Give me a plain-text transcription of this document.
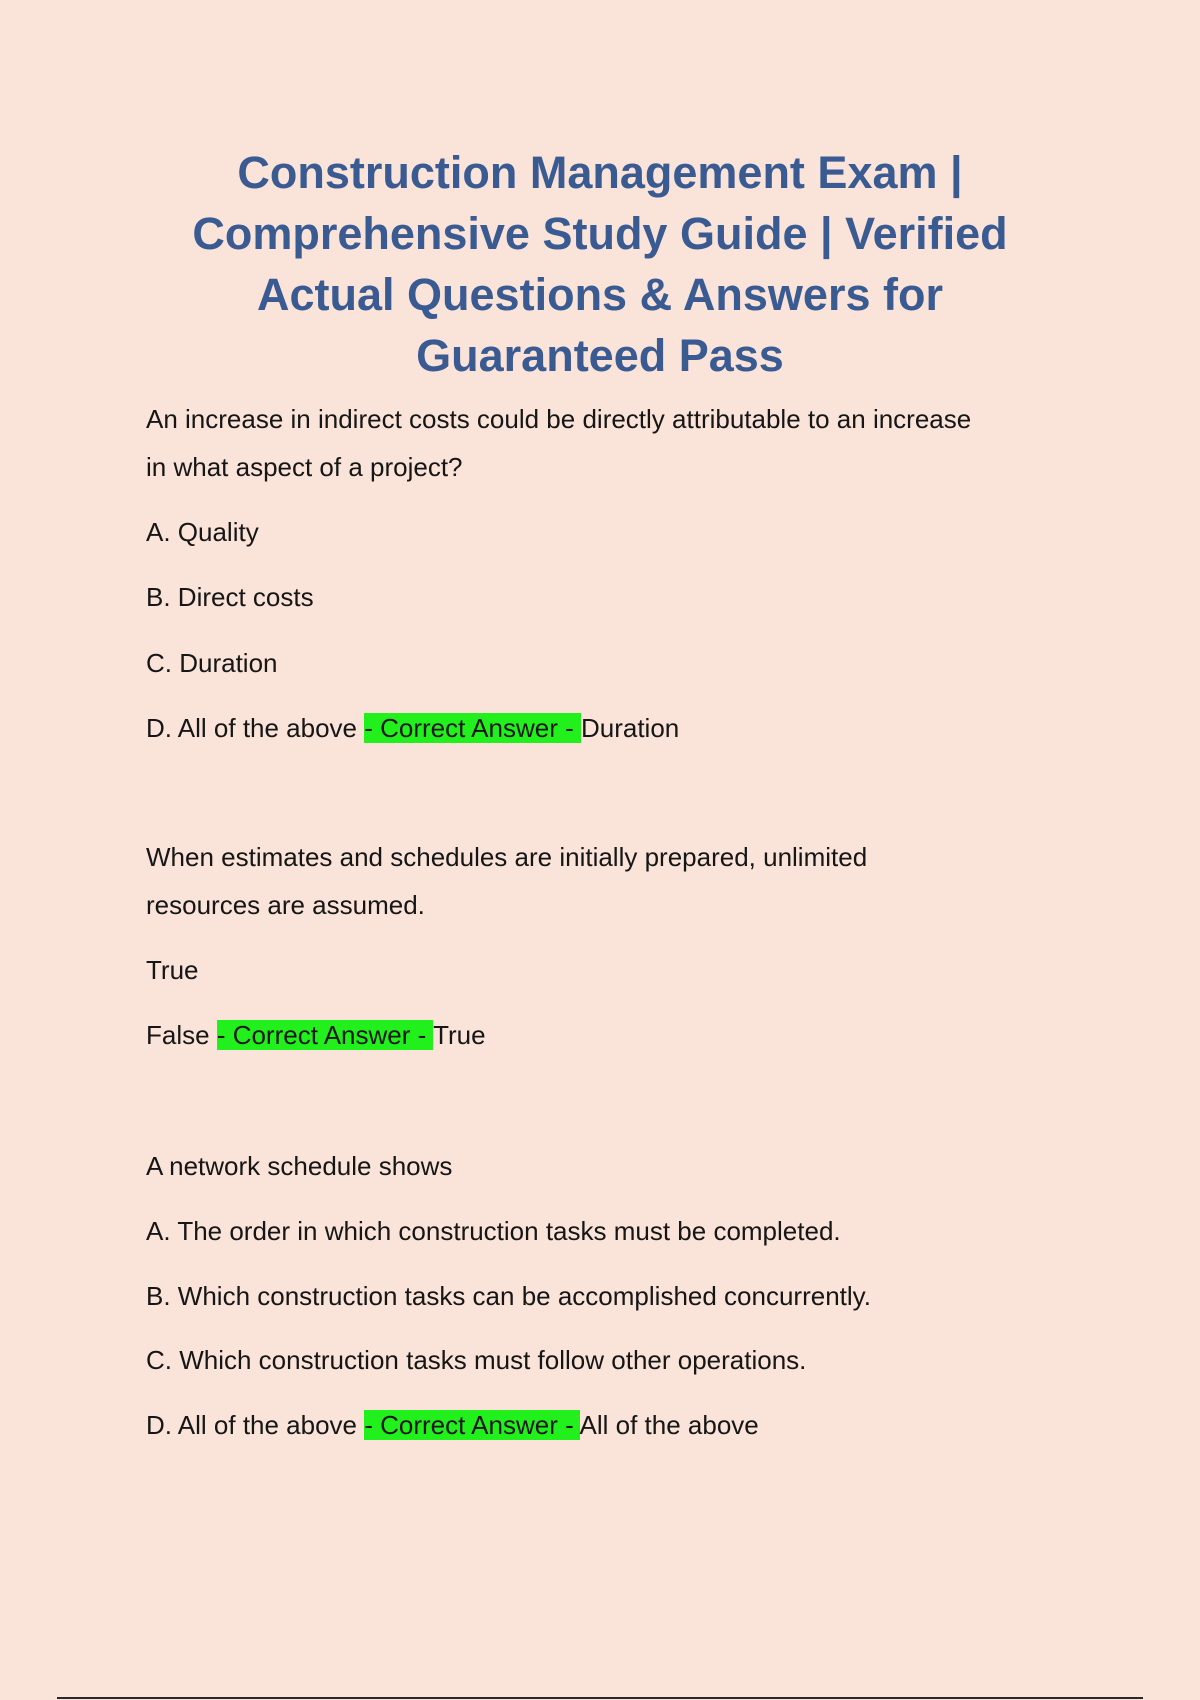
Construction Management Exam | Comprehensive Study Guide | Verified Actual Questions & Answers for Guaranteed Pass

An increase in indirect costs could be directly attributable to an increase

in what aspect of a project?

A. Quality

B. Direct costs

C. Duration

D. All of the above - Correct Answer - Duration

When estimates and schedules are initially prepared, unlimited

resources are assumed.

True

False - Correct Answer - True

A network schedule shows

A. The order in which construction tasks must be completed.

B. Which construction tasks can be accomplished concurrently.

C. Which construction tasks must follow other operations.

D. All of the above - Correct Answer - All of the above
